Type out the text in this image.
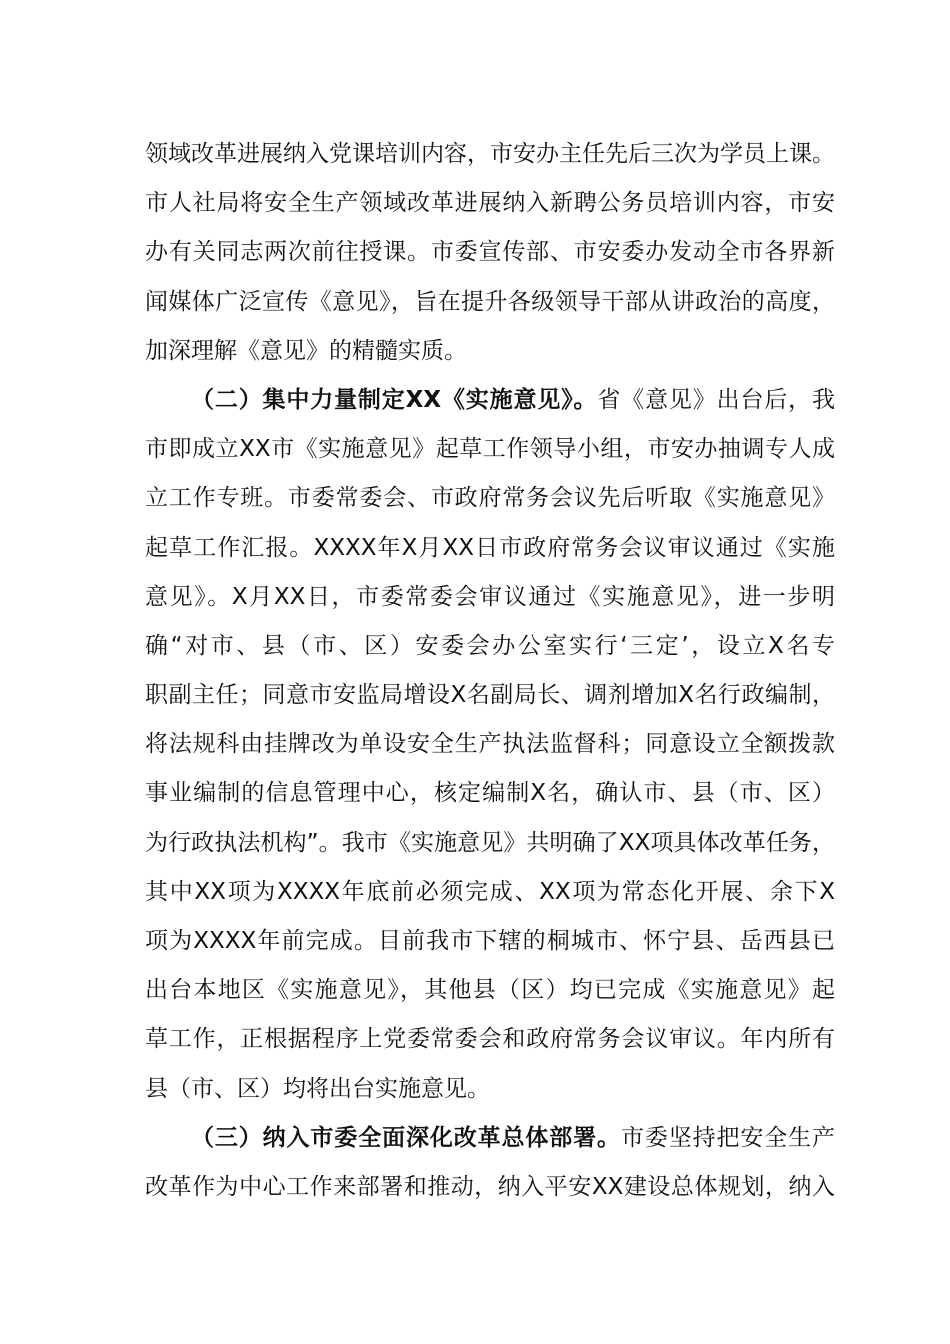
领域改革进展纳入党课培训内容，市安办主任先后三次为学员上课。
市人社局将安全生产领域改革进展纳入新聘公务员培训内容，市安
办有关同志两次前往授课。市委宣传部、市安委办发动全市各界新
闻媒体广泛宣传《意见》，旨在提升各级领导干部从讲政治的高度，
加深理解《意见》的精髓实质。
（二）集中力量制定XX《实施意见》。省《意见》出台后，我
市即成立XX市《实施意见》起草工作领导小组，市安办抽调专人成
立工作专班。市委常委会、市政府常务会议先后听取《实施意见》
起草工作汇报。XXXX年X月XX日市政府常务会议审议通过《实施
意见》。X月XX日，市委常委会审议通过《实施意见》，进一步明
确“对市、县（市、区）安委会办公室实行‘三定’，设立X名专
职副主任；同意市安监局增设X名副局长、调剂增加X名行政编制，
将法规科由挂牌改为单设安全生产执法监督科；同意设立全额拨款
事业编制的信息管理中心，核定编制X名，确认市、县（市、区）
为行政执法机构”。我市《实施意见》共明确了XX项具体改革任务，
其中XX项为XXXX年底前必须完成、XX项为常态化开展、余下X
项为XXXX年前完成。目前我市下辖的桐城市、怀宁县、岳西县已
出台本地区《实施意见》，其他县（区）均已完成《实施意见》起
草工作，正根据程序上党委常委会和政府常务会议审议。年内所有
县（市、区）均将出台实施意见。
（三）纳入市委全面深化改革总体部署。市委坚持把安全生产
改革作为中心工作来部署和推动，纳入平安XX建设总体规划，纳入
